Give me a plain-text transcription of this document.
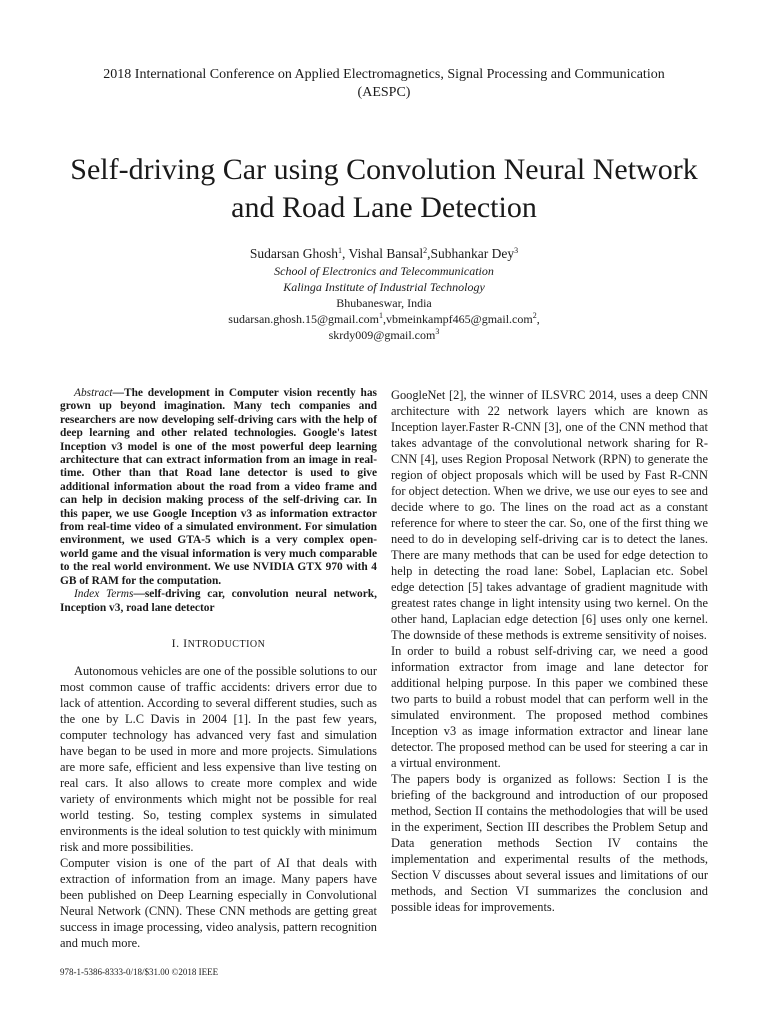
2018 International Conference on Applied Electromagnetics, Signal Processing and Communication
(AESPC)
Self-driving Car using Convolution Neural Network
and Road Lane Detection
Sudarsan Ghosh$^1$, Vishal Bansal$^2$,Subhankar Dey$^3$
School of Electronics and Telecommunication
Kalinga Institute of Industrial Technology
Bhubaneswar, India
sudarsan.ghosh.15@gmail.com$^1$,vbmeinkampf465@gmail.com$^2$,
skrdy009@gmail.com$^3$

Abstract—The development in Computer vision recently has grown up beyond imagination. Many tech companies and researchers are now developing self-driving cars with the help of deep learning and other related technologies. Google's latest Inception v3 model is one of the most powerful deep learning architecture that can extract information from an image in real-time. Other than that Road lane detector is used to give additional information about the road from a video frame and can help in decision making process of the self-driving car. In this paper, we use Google Inception v3 as information extractor from real-time video of a simulated environment. For simulation environment, we used GTA-5 which is a very complex open-world game and the visual information is very much comparable to the real world environment. We use NVIDIA GTX 970 with 4 GB of RAM for the computation.

Index Terms—self-driving car, convolution neural network, Inception v3, road lane detector

I. INTRODUCTION

Autonomous vehicles are one of the possible solutions to our most common cause of traffic accidents: drivers error due to lack of attention. According to several different studies, such as the one by L.C Davis in 2004 [1]. In the past few years, computer technology has advanced very fast and simulation have began to be used in more and more projects. Simulations are more safe, efficient and less expensive than live testing on real cars. It also allows to create more complex and wide variety of environments which might not be possible for real world testing. So, testing complex systems in simulated environments is the ideal solution to test quickly with minimum risk and more possibilities.

Computer vision is one of the part of AI that deals with extraction of information from an image. Many papers have been published on Deep Learning especially in Convolutional Neural Network (CNN). These CNN methods are getting great success in image processing, video analysis, pattern recognition and much more.

GoogleNet [2], the winner of ILSVRC 2014, uses a deep CNN architecture with 22 network layers which are known as Inception layer.Faster R-CNN [3], one of the CNN method that takes advantage of the convolutional network sharing for R-CNN [4], uses Region Proposal Network (RPN) to generate the region of object proposals which will be used by Fast R-CNN for object detection. When we drive, we use our eyes to see and decide where to go. The lines on the road act as a constant reference for where to steer the car. So, one of the first thing we need to do in developing self-driving car is to detect the lanes. There are many methods that can be used for edge detection to help in detecting the road lane: Sobel, Laplacian etc. Sobel edge detection [5] takes advantage of gradient magnitude with greatest rates change in light intensity using two kernel. On the other hand, Laplacian edge detection [6] uses only one kernel. The downside of these methods is extreme sensitivity of noises.

In order to build a robust self-driving car, we need a good information extractor from image and lane detector for additional helping purpose. In this paper we combined these two parts to build a robust model that can perform well in the simulated environment. The proposed method combines Inception v3 as image information extractor and linear lane detector. The proposed method can be used for steering a car in a virtual environment.

The papers body is organized as follows: Section I is the briefing of the background and introduction of our proposed method, Section II contains the methodologies that will be used in the experiment, Section III describes the Problem Setup and Data generation methods Section IV contains the implementation and experimental results of the methods, Section V discusses about several issues and limitations of our methods, and Section VI summarizes the conclusion and possible ideas for improvements.

978-1-5386-8333-0/18/$31.00 ©2018 IEEE
